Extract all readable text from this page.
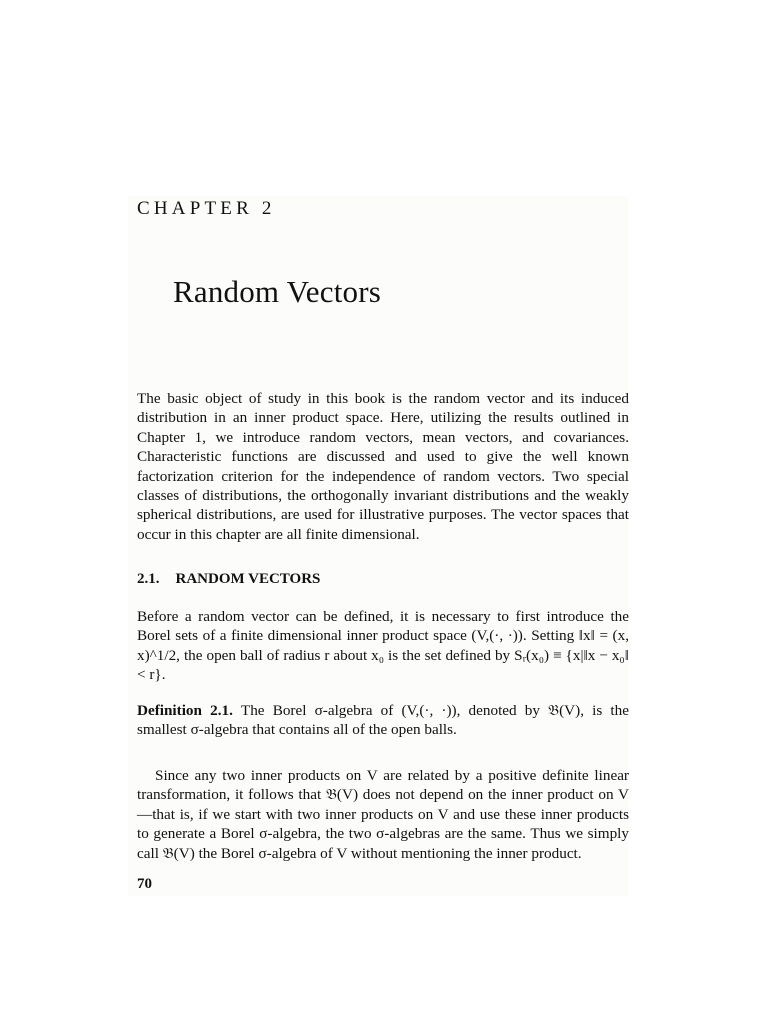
CHAPTER 2
Random Vectors

The basic object of study in this book is the random vector and its induced distribution in an inner product space. Here, utilizing the results outlined in Chapter 1, we introduce random vectors, mean vectors, and covariances. Characteristic functions are discussed and used to give the well known factorization criterion for the independence of random vectors. Two special classes of distributions, the orthogonally invariant distributions and the weakly spherical distributions, are used for illustrative purposes. The vector spaces that occur in this chapter are all finite dimensional.

2.1. RANDOM VECTORS

Before a random vector can be defined, it is necessary to first introduce the Borel sets of a finite dimensional inner product space (V,(·, ·)). Setting ‖x‖ = (x, x)^1/2, the open ball of radius r about x₀ is the set defined by Sᵣ(x₀) ≡ {x|‖x − x₀‖ < r}.

Definition 2.1. The Borel σ-algebra of (V,(·, ·)), denoted by 𝔅(V), is the smallest σ-algebra that contains all of the open balls.

Since any two inner products on V are related by a positive definite linear transformation, it follows that 𝔅(V) does not depend on the inner product on V—that is, if we start with two inner products on V and use these inner products to generate a Borel σ-algebra, the two σ-algebras are the same. Thus we simply call 𝔅(V) the Borel σ-algebra of V without mentioning the inner product.

70
